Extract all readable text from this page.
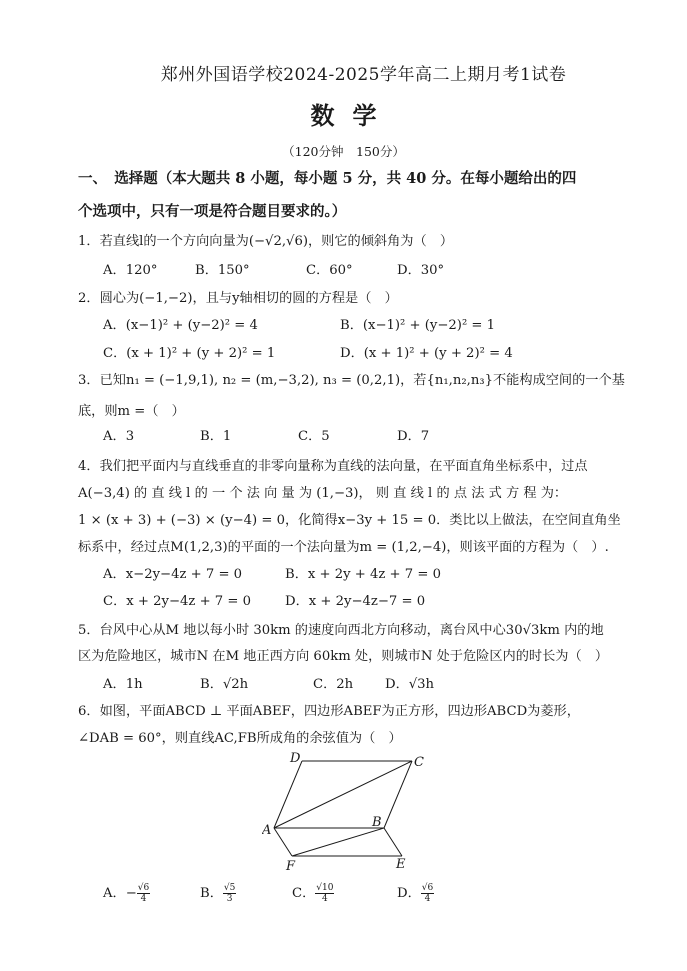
郑州外国语学校2024-2025学年高二上期月考1试卷
数学
（120分钟　150分）
一、　选择题（本大题共 8 小题，每小题 5 分，共 40 分。在每小题给出的四
个选项中，只有一项是符合题目要求的。）
1．若直线l的一个方向向量为(−√2,√6)，则它的倾斜角为（　）
A．120°	B．150°	C．60°	D．30°
2．圆心为(−1,−2)，且与y轴相切的圆的方程是（　）
A．(x−1)² + (y−2)² = 4	B．(x−1)² + (y−2)² = 1
C．(x + 1)² + (y + 2)² = 1	D．(x + 1)² + (y + 2)² = 4
3．已知n₁ = (−1,9,1), n₂ = (m,−3,2), n₃ = (0,2,1)，若{n₁,n₂,n₃}不能构成空间的一个基
底，则m =（　）
A．3	B．1	C．5	D．7
4．我们把平面内与直线垂直的非零向量称为直线的法向量，在平面直角坐标系中，过点
A(−3,4) 的 直 线 l 的 一 个 法 向 量 为 (1,−3)， 则 直 线 l 的 点 法 式 方 程 为：
1 × (x + 3) + (−3) × (y−4) = 0，化简得x−3y + 15 = 0．类比以上做法，在空间直角坐
标系中，经过点M(1,2,3)的平面的一个法向量为m = (1,2,−4)，则该平面的方程为（　）.
A．x−2y−4z + 7 = 0	B．x + 2y + 4z + 7 = 0
C．x + 2y−4z + 7 = 0	D．x + 2y−4z−7 = 0
5．台风中心从M 地以每小时 30km 的速度向西北方向移动，离台风中心30√3km 内的地
区为危险地区，城市N 在M 地正西方向 60km 处，则城市N 处于危险区内的时长为（　）
A．1h	B．√2h	C．2h D．√3h
6．如图，平面ABCD ⊥ 平面ABEF，四边形ABEF为正方形，四边形ABCD为菱形，
∠DAB = 60°，则直线AC,FB所成角的余弦值为（　）
D	C
A
B
F	E
A．− $\frac{√6}{4}$	B． $\frac{√5}{3}$	C． $\frac{√10}{4}$	D． $\frac{√6}{4}$
